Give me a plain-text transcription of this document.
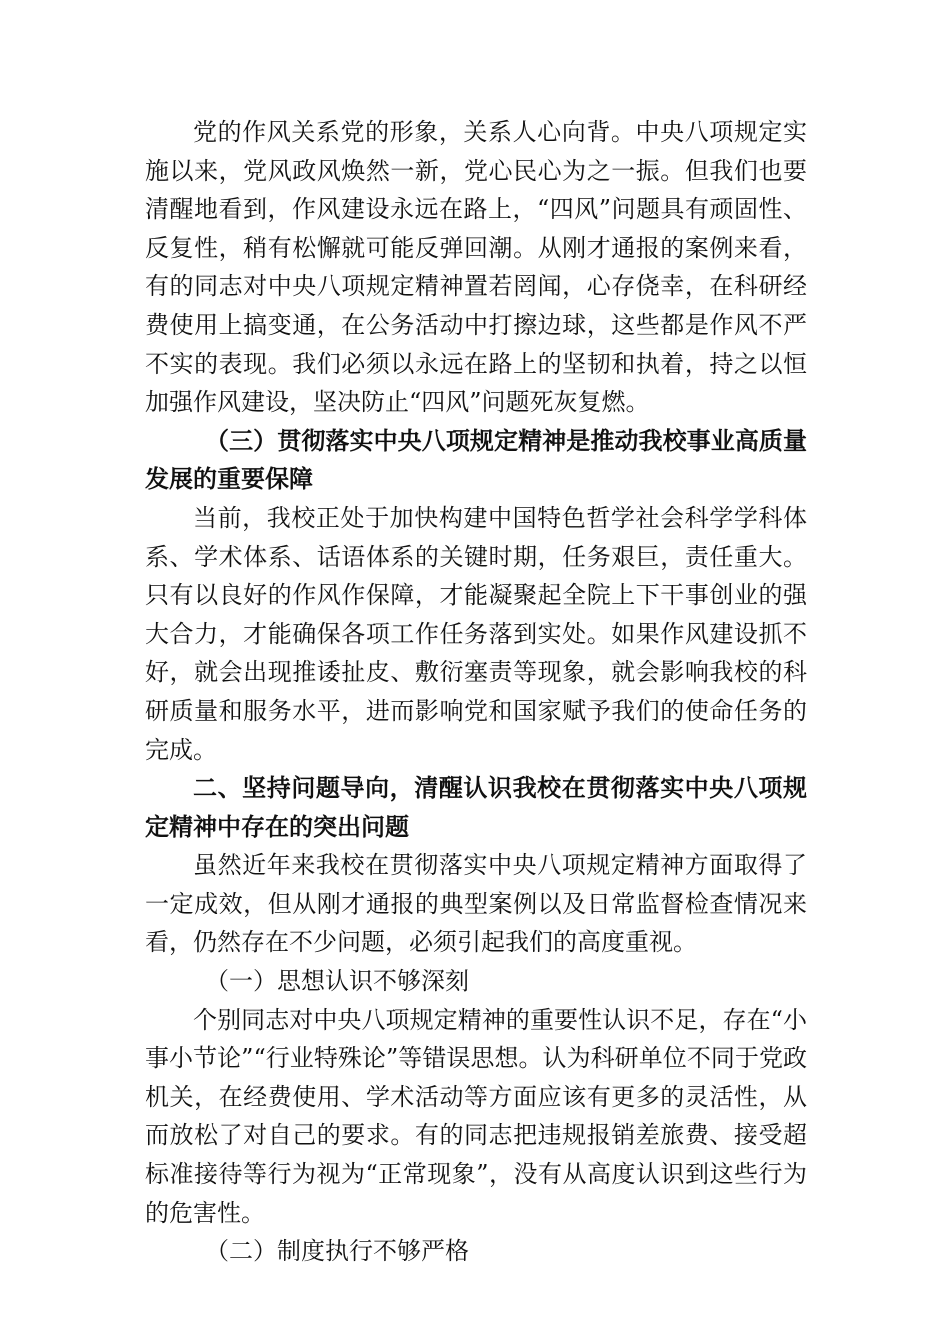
党的作风关系党的形象，关系人心向背。中央八项规定实施以来，党风政风焕然一新，党心民心为之一振。但我们也要清醒地看到，作风建设永远在路上，“四风”问题具有顽固性、反复性，稍有松懈就可能反弹回潮。从刚才通报的案例来看，有的同志对中央八项规定精神置若罔闻，心存侥幸，在科研经费使用上搞变通，在公务活动中打擦边球，这些都是作风不严不实的表现。我们必须以永远在路上的坚韧和执着，持之以恒加强作风建设，坚决防止“四风”问题死灰复燃。

（三）贯彻落实中央八项规定精神是推动我校事业高质量发展的重要保障

当前，我校正处于加快构建中国特色哲学社会科学学科体系、学术体系、话语体系的关键时期，任务艰巨，责任重大。只有以良好的作风作保障，才能凝聚起全院上下干事创业的强大合力，才能确保各项工作任务落到实处。如果作风建设抓不好，就会出现推诿扯皮、敷衍塞责等现象，就会影响我校的科研质量和服务水平，进而影响党和国家赋予我们的使命任务的完成。

二、坚持问题导向，清醒认识我校在贯彻落实中央八项规定精神中存在的突出问题

虽然近年来我校在贯彻落实中央八项规定精神方面取得了一定成效，但从刚才通报的典型案例以及日常监督检查情况来看，仍然存在不少问题，必须引起我们的高度重视。

（一）思想认识不够深刻

个别同志对中央八项规定精神的重要性认识不足，存在“小事小节论”“行业特殊论”等错误思想。认为科研单位不同于党政机关，在经费使用、学术活动等方面应该有更多的灵活性，从而放松了对自己的要求。有的同志把违规报销差旅费、接受超标准接待等行为视为“正常现象”，没有从高度认识到这些行为的危害性。

（二）制度执行不够严格
